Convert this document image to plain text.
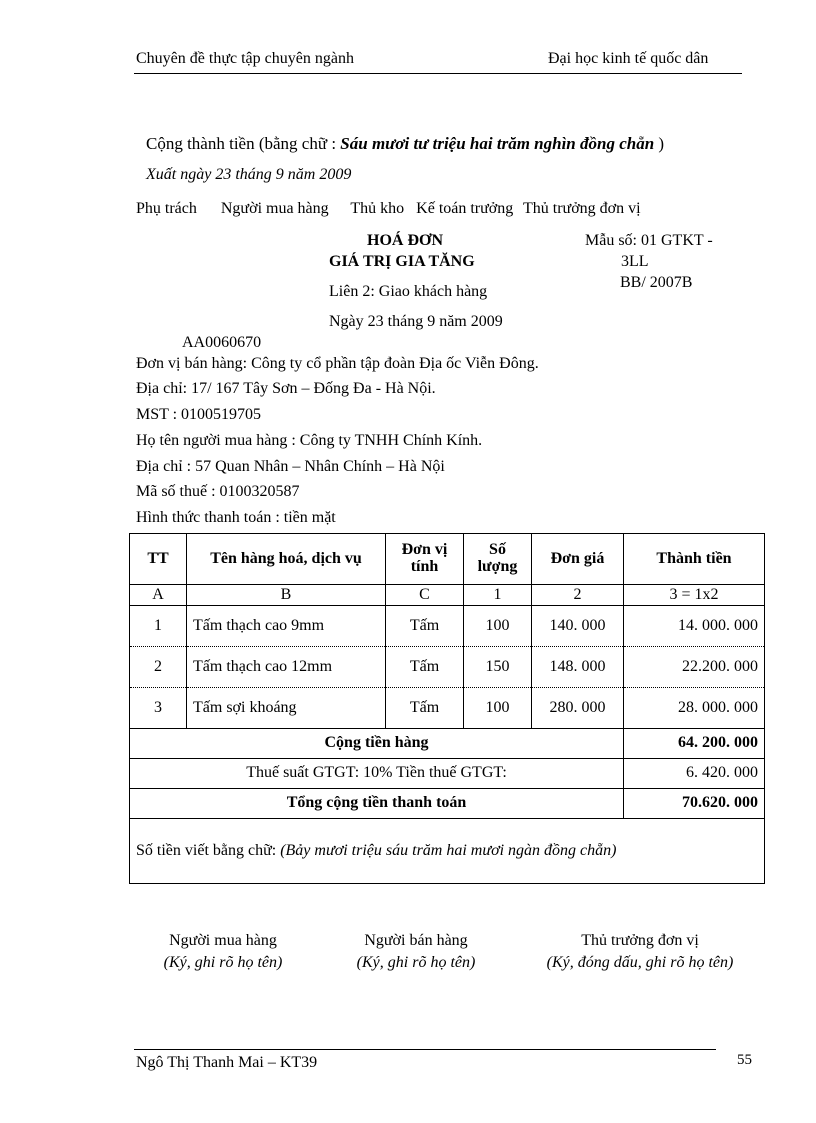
Chuyên đề thực tập chuyên ngành	Đại học kinh tế quốc dân
Cộng thành tiền (bằng chữ : Sáu mươi tư triệu hai trăm nghìn đồng chẵn )
Xuất ngày 23 tháng 9 năm 2009
Phụ trách Người mua hàng Thủ kho Kế toán trưởng Thủ trưởng đơn vị
HOÁ ĐƠN
GIÁ TRỊ GIA TĂNG
Liên 2: Giao khách hàng
Ngày 23 tháng 9 năm 2009
Mẫu số: 01 GTKT -
3LL
BB/ 2007B
AA0060670
Đơn vị bán hàng: Công ty cổ phần tập đoàn Địa ốc Viễn Đông.
Địa chỉ: 17/ 167 Tây Sơn – Đống Đa - Hà Nội.
MST : 0100519705
Họ tên người mua hàng : Công ty TNHH Chính Kính.
Địa chỉ : 57 Quan Nhân – Nhân Chính – Hà Nội
Mã số thuế : 0100320587
Hình thức thanh toán : tiền mặt
TT	Tên hàng hoá, dịch vụ	Đơn vị tính	Số lượng	Đơn giá	Thành tiền
A	B	C	1	2	3 = 1x2
1	Tấm thạch cao 9mm	Tấm	100	140. 000	14. 000. 000
2	Tấm thạch cao 12mm	Tấm	150	148. 000	22.200. 000
3	Tấm sợi khoáng	Tấm	100	280. 000	28. 000. 000
Cộng tiền hàng					64. 200. 000
Thuế suất GTGT: 10% Tiền thuế GTGT:					6. 420. 000
Tổng cộng tiền thanh toán					70.620. 000
Số tiền viết bằng chữ: (Bảy mươi triệu sáu trăm hai mươi ngàn đồng chẵn)					
Người mua hàng
(Ký, ghi rõ họ tên)
Người bán hàng
(Ký, ghi rõ họ tên)
Thủ trưởng đơn vị
(Ký, đóng dấu, ghi rõ họ tên)
Ngô Thị Thanh Mai – KT39	55
